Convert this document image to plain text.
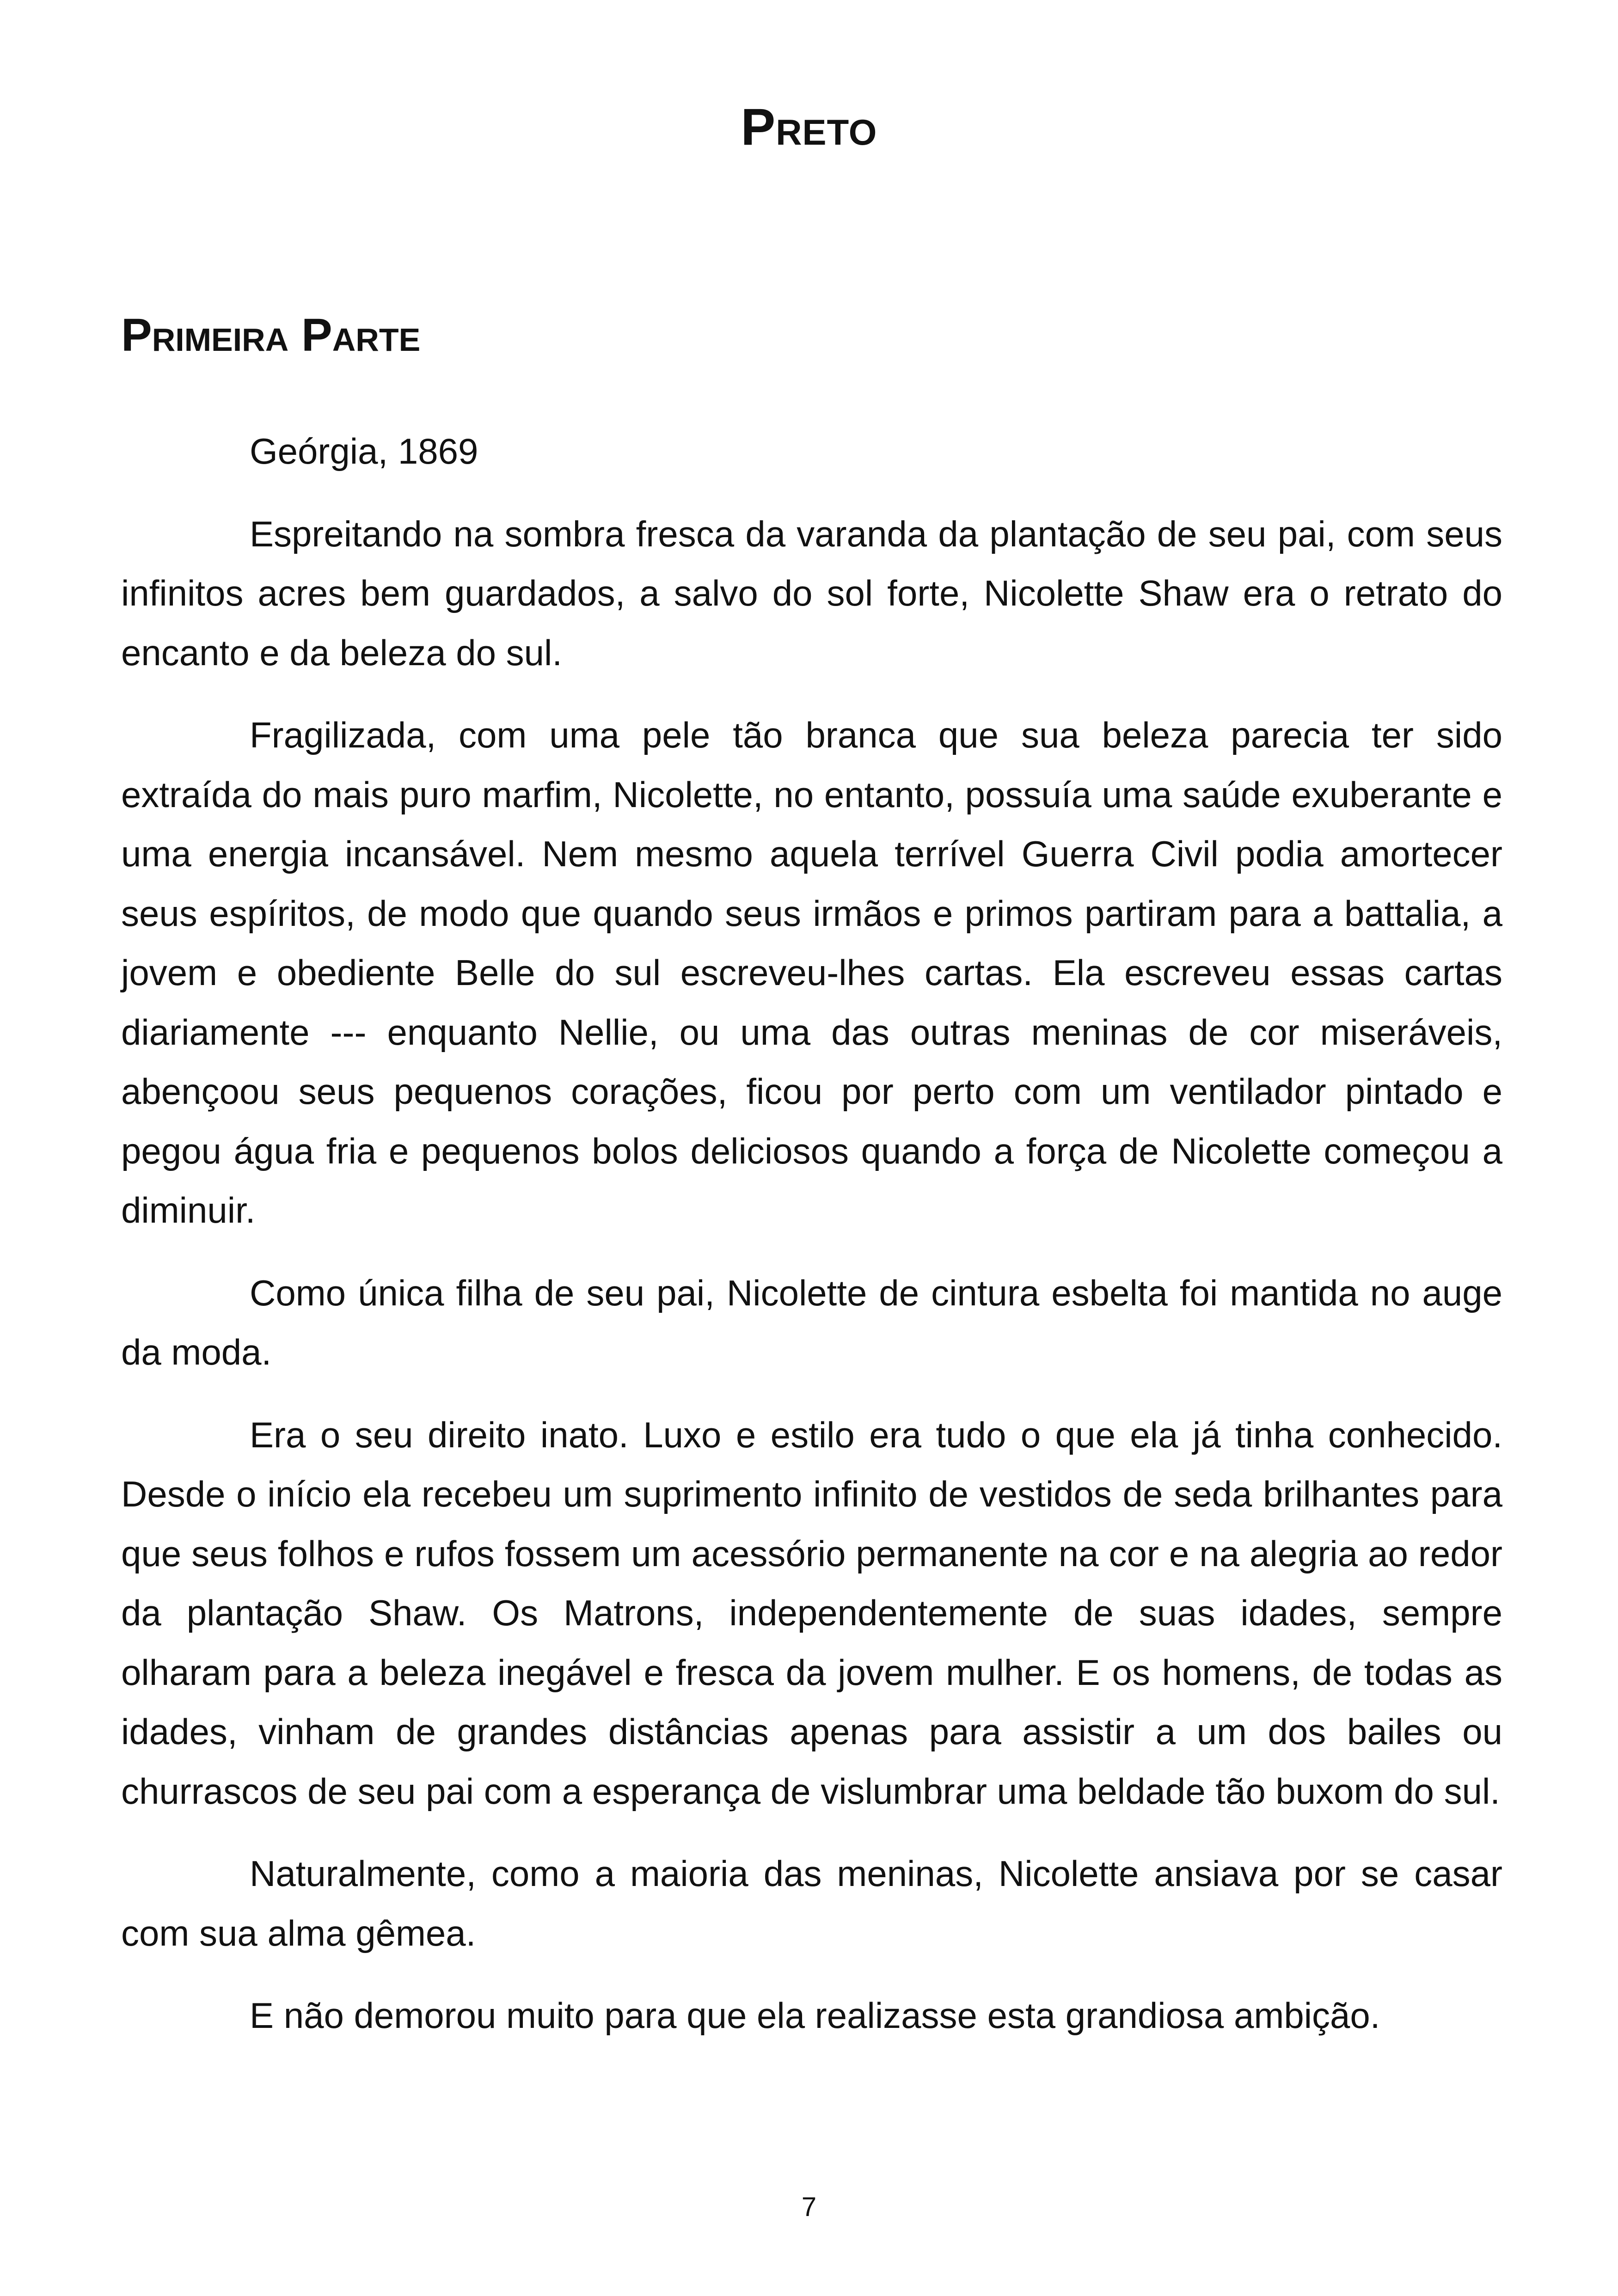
Preto
Primeira Parte

Geórgia, 1869

Espreitando na sombra fresca da varanda da plantação de seu pai, com seus infinitos acres bem guardados, a salvo do sol forte, Nicolette Shaw era o retrato do encanto e da beleza do sul.

Fragilizada, com uma pele tão branca que sua beleza parecia ter sido extraída do mais puro marfim, Nicolette, no entanto, possuía uma saúde exuberante e uma energia incansável. Nem mesmo aquela terrível Guerra Civil podia amortecer seus espíritos, de modo que quando seus irmãos e primos partiram para a battalia, a jovem e obediente Belle do sul escreveu-lhes cartas. Ela escreveu essas cartas diariamente --- enquanto Nellie, ou uma das outras meninas de cor miseráveis, abençoou seus pequenos corações, ficou por perto com um ventilador pintado e pegou água fria e pequenos bolos deliciosos quando a força de Nicolette começou a diminuir.

Como única filha de seu pai, Nicolette de cintura esbelta foi mantida no auge da moda.

Era o seu direito inato. Luxo e estilo era tudo o que ela já tinha conhecido. Desde o início ela recebeu um suprimento infinito de vestidos de seda brilhantes para que seus folhos e rufos fossem um acessório permanente na cor e na alegria ao redor da plantação Shaw. Os Matrons, independentemente de suas idades, sempre olharam para a beleza inegável e fresca da jovem mulher. E os homens, de todas as idades, vinham de grandes distâncias apenas para assistir a um dos bailes ou churrascos de seu pai com a esperança de vislumbrar uma beldade tão buxom do sul.

Naturalmente, como a maioria das meninas, Nicolette ansiava por se casar com sua alma gêmea.

E não demorou muito para que ela realizasse esta grandiosa ambição.

7
